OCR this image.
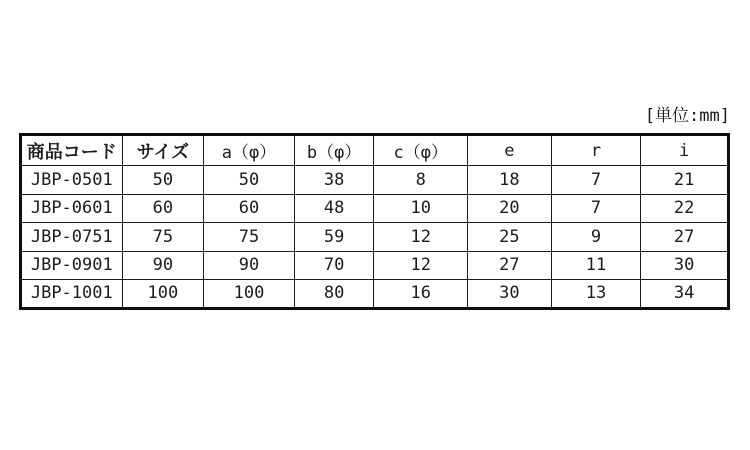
[単位:mm]
商品コード	サイズ	a（φ）	b（φ）	c（φ）	e	r	i
JBP-0501	50	50	38	8	18	7	21
JBP-0601	60	60	48	10	20	7	22
JBP-0751	75	75	59	12	25	9	27
JBP-0901	90	90	70	12	27	11	30
JBP-1001	100	100	80	16	30	13	34
